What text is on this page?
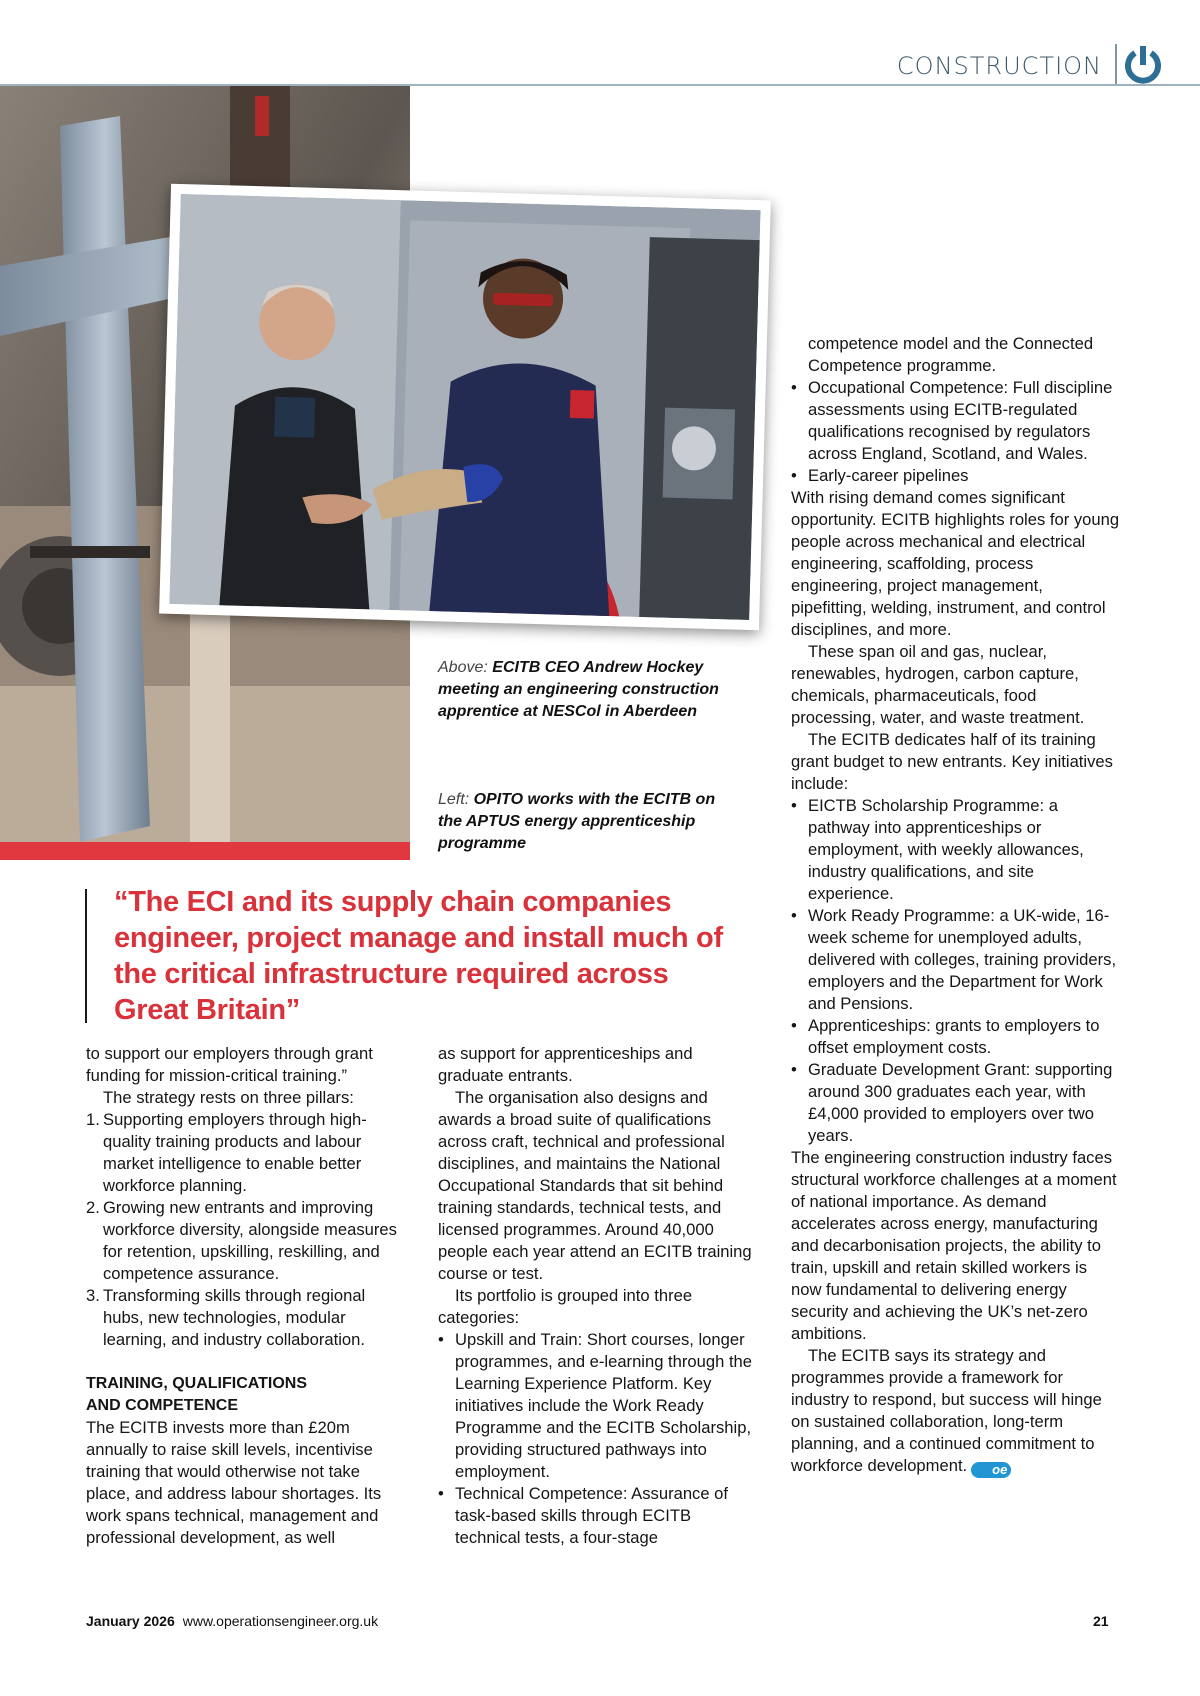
CONSTRUCTION
Above: ECITB CEO Andrew Hockey meeting an engineering construction apprentice at NESCol in Aberdeen
Left: OPITO works with the ECITB on the APTUS energy apprenticeship programme
“The ECI and its supply chain companies engineer, project manage and install much of the critical infrastructure required across Great Britain”

to support our employers through grant funding for mission-critical training.”

The strategy rests on three pillars:

Supporting employers through high-quality training products and labour market intelligence to enable better workforce planning.
Growing new entrants and improving workforce diversity, alongside measures for retention, upskilling, reskilling, and competence assurance.
Transforming skills through regional hubs, new technologies, modular learning, and industry collaboration.
TRAINING, QUALIFICATIONS
AND COMPETENCE

The ECITB invests more than £20m annually to raise skill levels, incentivise training that would otherwise not take place, and address labour shortages. Its work spans technical, management and professional development, as well

as support for apprenticeships and graduate entrants.

The organisation also designs and awards a broad suite of qualifications across craft, technical and professional disciplines, and maintains the National Occupational Standards that sit behind training standards, technical tests, and licensed programmes. Around 40,000 people each year attend an ECITB training course or test.

Its portfolio is grouped into three categories:

• Upskill and Train: Short courses, longer programmes, and e-learning through the Learning Experience Platform. Key initiatives include the Work Ready Programme and the ECITB Scholarship, providing structured pathways into employment.
• Technical Competence: Assurance of task-based skills through ECITB technical tests, a four-stage

competence model and the Connected Competence programme.

• Occupational Competence: Full discipline assessments using ECITB-regulated qualifications recognised by regulators across England, Scotland, and Wales.
• Early-career pipelines

With rising demand comes significant opportunity. ECITB highlights roles for young people across mechanical and electrical engineering, scaffolding, process engineering, project management, pipefitting, welding, instrument, and control disciplines, and more.

These span oil and gas, nuclear, renewables, hydrogen, carbon capture, chemicals, pharmaceuticals, food processing, water, and waste treatment.

The ECITB dedicates half of its training grant budget to new entrants. Key initiatives include:

• EICTB Scholarship Programme: a pathway into apprenticeships or employment, with weekly allowances, industry qualifications, and site experience.
• Work Ready Programme: a UK-wide, 16-week scheme for unemployed adults, delivered with colleges, training providers, employers and the Department for Work and Pensions.
• Apprenticeships: grants to employers to offset employment costs.
• Graduate Development Grant: supporting around 300 graduates each year, with £4,000 provided to employers over two years.

The engineering construction industry faces structural workforce challenges at a moment of national importance. As demand accelerates across energy, manufacturing and decarbonisation projects, the ability to train, upskill and retain skilled workers is now fundamental to delivering energy security and achieving the UK’s net-zero ambitions.

The ECITB says its strategy and programmes provide a framework for industry to respond, but success will hinge on sustained collaboration, long-term planning, and a continued commitment to workforce development. oe

January 2026 www.operationsengineer.org.uk	21
